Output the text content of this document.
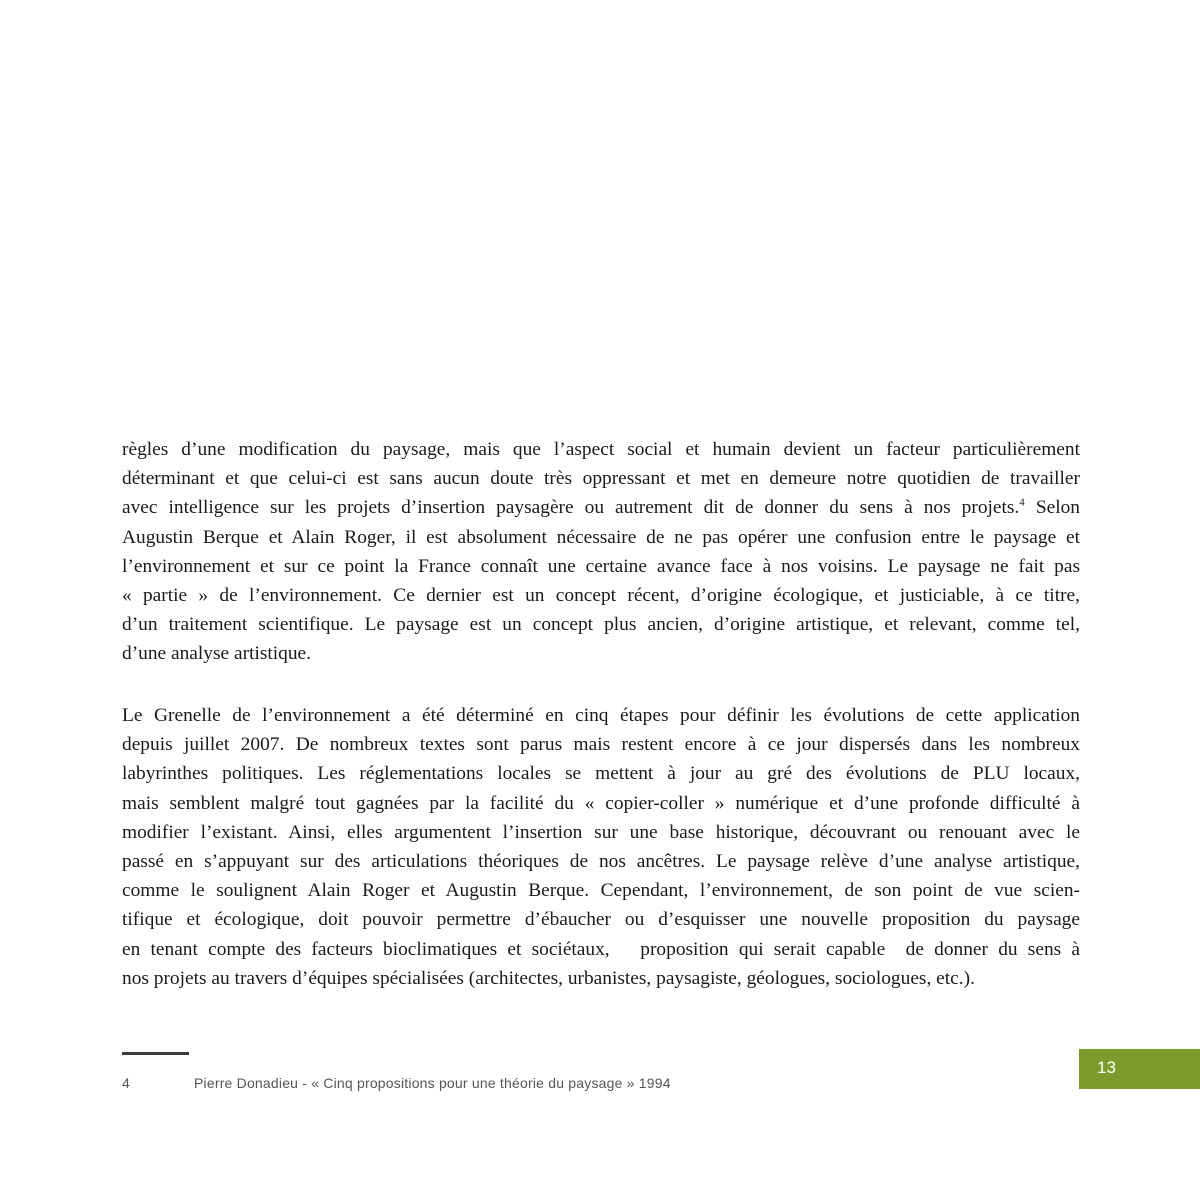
règles d’une modification du paysage, mais que l’aspect social et humain devient un facteur particulièrement
déterminant et que celui-ci est sans aucun doute très oppressant et met en demeure notre quotidien de travailler
avec intelligence sur les projets d’insertion paysagère ou autrement dit de donner du sens à nos projets.$^4$ Selon
Augustin Berque et Alain Roger, il est absolument nécessaire de ne pas opérer une confusion entre le paysage et
l’environnement et sur ce point la France connaît une certaine avance face à nos voisins. Le paysage ne fait pas
« partie » de l’environnement. Ce dernier est un concept récent, d’origine écologique, et justiciable, à ce titre,
d’un traitement scientifique. Le paysage est un concept plus ancien, d’origine artistique, et relevant, comme tel,
d’une analyse artistique.
Le Grenelle de l’environnement a été déterminé en cinq étapes pour définir les évolutions de cette application
depuis juillet 2007. De nombreux textes sont parus mais restent encore à ce jour dispersés dans les nombreux
labyrinthes politiques. Les réglementations locales se mettent à jour au gré des évolutions de PLU locaux,
mais semblent malgré tout gagnées par la facilité du « copier-coller » numérique et d’une profonde difficulté à
modifier l’existant. Ainsi, elles argumentent l’insertion sur une base historique, découvrant ou renouant avec le
passé en s’appuyant sur des articulations théoriques de nos ancêtres. Le paysage relève d’une analyse artistique,
comme le soulignent Alain Roger et Augustin Berque. Cependant, l’environnement, de son point de vue scien-
tifique et écologique, doit pouvoir permettre d’ébaucher ou d’esquisser une nouvelle proposition du paysage
en tenant compte des facteurs bioclimatiques et sociétaux,   proposition qui serait capable  de donner du sens à
nos projets au travers d’équipes spécialisées (architectes, urbanistes, paysagiste, géologues, sociologues, etc.).
4	Pierre Donadieu - « Cinq propositions pour une théorie du paysage » 1994
13
